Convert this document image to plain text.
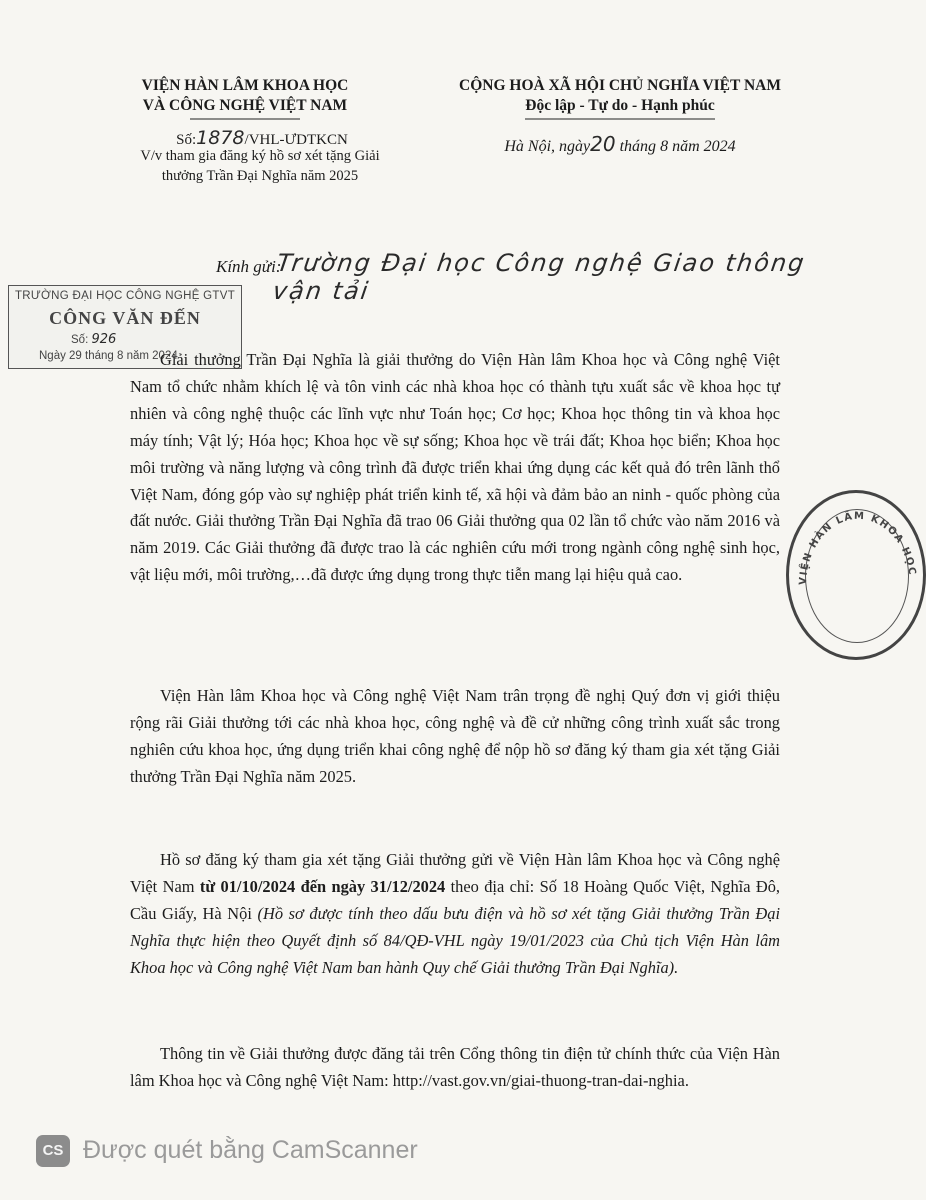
VIỆN HÀN LÂM KHOA HỌC
VÀ CÔNG NGHỆ VIỆT NAM
CỘNG HOÀ XÃ HỘI CHỦ NGHĨA VIỆT NAM
Độc lập - Tự do - Hạnh phúc
Số:1878/VHL-ƯDTKCN
V/v tham gia đăng ký hồ sơ xét tặng Giải
thưởng Trần Đại Nghĩa năm 2025
Hà Nội, ngày20 tháng 8 năm 2024
Kính gửi:
Trường Đại học Công nghệ Giao thông vận tải
TRƯỜNG ĐẠI HỌC CÔNG NGHỆ GTVT
CÔNG VĂN ĐẾN
Số: 926
Ngày 29 tháng 8 năm 2024

Giải thưởng Trần Đại Nghĩa là giải thưởng do Viện Hàn lâm Khoa học và Công nghệ Việt Nam tổ chức nhằm khích lệ và tôn vinh các nhà khoa học có thành tựu xuất sắc về khoa học tự nhiên và công nghệ thuộc các lĩnh vực như Toán học; Cơ học; Khoa học thông tin và khoa học máy tính; Vật lý; Hóa học; Khoa học về sự sống; Khoa học về trái đất; Khoa học biển; Khoa học môi trường và năng lượng và công trình đã được triển khai ứng dụng các kết quả đó trên lãnh thổ Việt Nam, đóng góp vào sự nghiệp phát triển kinh tế, xã hội và đảm bảo an ninh - quốc phòng của đất nước. Giải thưởng Trần Đại Nghĩa đã trao 06 Giải thưởng qua 02 lần tổ chức vào năm 2016 và năm 2019. Các Giải thưởng đã được trao là các nghiên cứu mới trong ngành công nghệ sinh học, vật liệu mới, môi trường,…đã được ứng dụng trong thực tiễn mang lại hiệu quả cao.

Viện Hàn lâm Khoa học và Công nghệ Việt Nam trân trọng đề nghị Quý đơn vị giới thiệu rộng rãi Giải thưởng tới các nhà khoa học, công nghệ và đề cử những công trình xuất sắc trong nghiên cứu khoa học, ứng dụng triển khai công nghệ để nộp hồ sơ đăng ký tham gia xét tặng Giải thưởng Trần Đại Nghĩa năm 2025.

Hồ sơ đăng ký tham gia xét tặng Giải thưởng gửi về Viện Hàn lâm Khoa học và Công nghệ Việt Nam từ 01/10/2024 đến ngày 31/12/2024 theo địa chỉ: Số 18 Hoàng Quốc Việt, Nghĩa Đô, Cầu Giấy, Hà Nội (Hồ sơ được tính theo dấu bưu điện và hồ sơ xét tặng Giải thưởng Trần Đại Nghĩa thực hiện theo Quyết định số 84/QĐ-VHL ngày 19/01/2023 của Chủ tịch Viện Hàn lâm Khoa học và Công nghệ Việt Nam ban hành Quy chế Giải thưởng Trần Đại Nghĩa).

Thông tin về Giải thưởng được đăng tải trên Cổng thông tin điện tử chính thức của Viện Hàn lâm Khoa học và Công nghệ Việt Nam: http://vast.gov.vn/giai-thuong-tran-dai-nghia.

VIỆN HÀN LÂM KHOA HỌC
CS Được quét bằng CamScanner
